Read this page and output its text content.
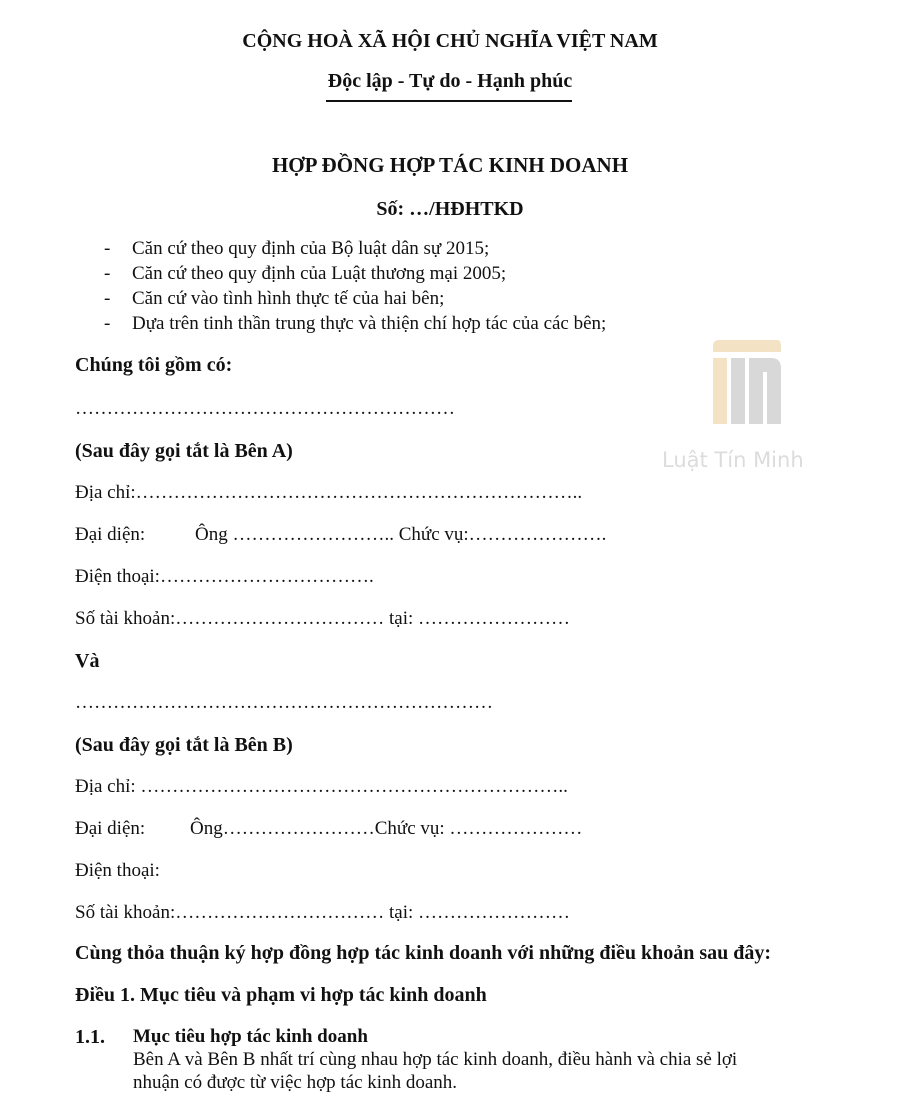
CỘNG HOÀ XÃ HỘI CHỦ NGHĨA VIỆT NAM
Độc lập - Tự do - Hạnh phúc
HỢP ĐỒNG HỢP TÁC KINH DOANH
Số: …/HĐHTKD
- Căn cứ theo quy định của Bộ luật dân sự 2015;
- Căn cứ theo quy định của Luật thương mại 2005;
- Căn cứ vào tình hình thực tế của hai bên;
- Dựa trên tinh thần trung thực và thiện chí hợp tác của các bên;
Chúng tôi gồm có:
Luật Tín Minh
……………………………………………………
(Sau đây gọi tắt là Bên A)
Địa chỉ:……………………………………………………………..
Đại diện:	Ông …………………….. Chức vụ:………………….
Điện thoại:…………………………….
Số tài khoản:…………………………… tại: ……………………
Và
…………………………………………………………
(Sau đây gọi tắt là Bên B)
Địa chỉ: …………………………………………………………..
Đại diện: Ông……………………Chức vụ: …………………
Điện thoại:
Số tài khoản:…………………………… tại: ……………………
Cùng thỏa thuận ký hợp đồng hợp tác kinh doanh với những điều khoản sau đây:
Điều 1. Mục tiêu và phạm vi hợp tác kinh doanh
1.1. Mục tiêu hợp tác kinh doanh
Bên A và Bên B nhất trí cùng nhau hợp tác kinh doanh, điều hành và chia sẻ lợi
nhuận có được từ việc hợp tác kinh doanh.
